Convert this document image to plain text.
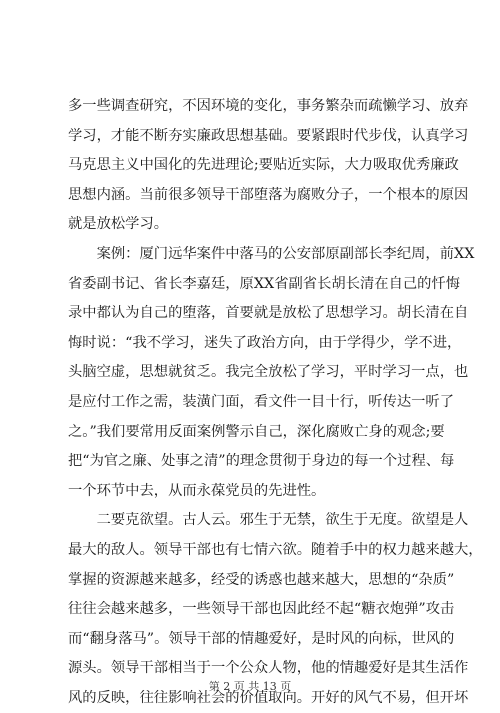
多一些调查研究，不因环境的变化，事务繁杂而疏懒学习、放弃
学习，才能不断夯实廉政思想基础。要紧跟时代步伐，认真学习
马克思主义中国化的先进理论;要贴近实际，大力吸取优秀廉政
思想内涵。当前很多领导干部堕落为腐败分子，一个根本的原因
就是放松学习。
　　案例：厦门远华案件中落马的公安部原副部长李纪周，前XX
省委副书记、省长李嘉廷，原XX省副省长胡长清在自己的忏悔
录中都认为自己的堕落，首要就是放松了思想学习。胡长清在自
悔时说：“我不学习，迷失了政治方向，由于学得少，学不进，
头脑空虚，思想就贫乏。我完全放松了学习，平时学习一点，也
是应付工作之需，装潢门面，看文件一目十行，听传达一听了
之。”我们要常用反面案例警示自己，深化腐败亡身的观念;要
把“为官之廉、处事之清”的理念贯彻于身边的每一个过程、每
一个环节中去，从而永葆党员的先进性。
　　二要克欲望。古人云。邪生于无禁，欲生于无度。欲望是人
最大的敌人。领导干部也有七情六欲。随着手中的权力越来越大，
掌握的资源越来越多，经受的诱惑也越来越大，思想的“杂质”
往往会越来越多，一些领导干部也因此经不起“糖衣炮弹”攻击
而“翻身落马”。领导干部的情趣爱好，是时风的向标，世风的
源头。领导干部相当于一个公众人物，他的情趣爱好是其生活作
风的反映，往往影响社会的价值取向。开好的风气不易，但开坏
第 2 页 共 13 页
